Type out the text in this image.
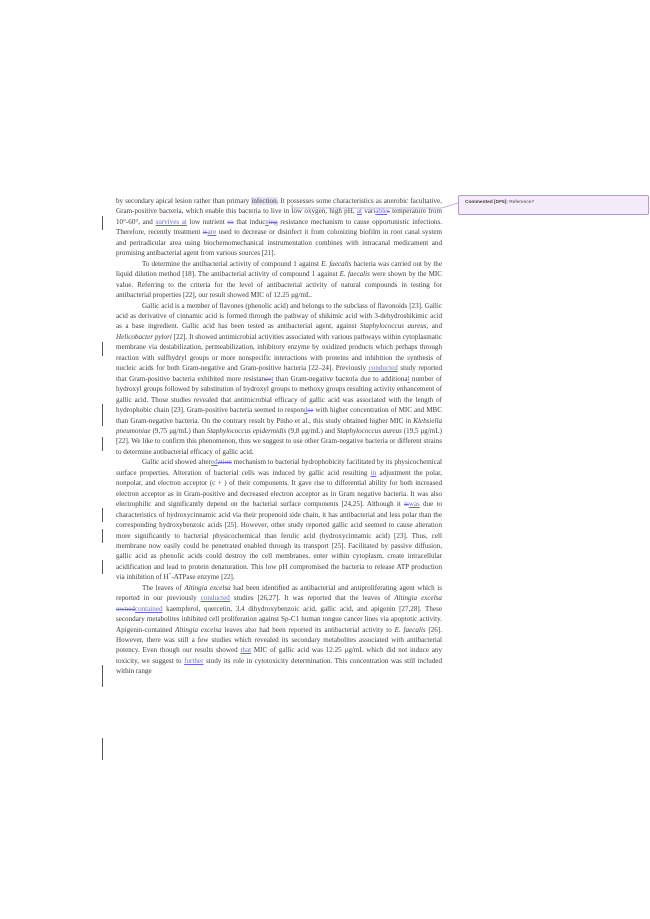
by secondary apical lesion rather than primary infection. It possesses some characteristics as anerobic facultative, Gram-positive bacteria, which enable this bacteria to live in low oxygen, high pH, at variables temperature from 10°-60°, and survives at low nutrient so that induceing resistance mechanism to cause opportunistic infections. Therefore, recently treatment isare used to decrease or disinfect it from colonizing biofilm in root canal system and periradicular area using biochemomechanical instrumentation combines with intracanal medicament and promising antibacterial agent from various sources [21].

To determine the antibacterial activity of compound 1 against E. faecalis bacteria was carried out by the liquid dilution method [18]. The antibacterial activity of compound 1 against E. faecalis were shown by the MIC value. Referring to the criteria for the level of antibacterial activity of natural compounds in testing for antibacterial properties [22], our result showed MIC of 12.25 μg/mL.

Gallic acid is a member of flavones (phenolic acid) and belongs to the subclass of flavonoids [23]. Gallic acid as derivative of cinnamic acid is formed through the pathway of shikimic acid with 3-dehydroshikimic acid as a base ingredient. Gallic acid has been tested as antibacterial agent, against Staphylococcus aureus, and Helicobacter pylori [22]. It showed antimicrobial activities associated with various pathways within cytoplasmatic membrane via destabilization, permeabilization, inhibitory enzyme by oxidized products which perhaps through reaction with sulfhydryl groups or more nonspecific interactions with proteins and inhibition the synthesis of nucleic acids for both Gram-negative and Gram-positive bacteria [22–24]. Previously conducted study reported that Gram-positive bacteria exhibited more resistancet than Gram-negative bacteria due to additional number of hydroxyl groups followed by substitution of hydroxyl groups to methoxy groups resulting activity enhancement of gallic acid. Those studies revealed that antimicrobial efficacy of gallic acid was associated with the length of hydrophobic chain [23]. Gram-positive bacteria seemed to respondse with higher concentration of MIC and MBC than Gram-negative bacteria. On the contrary result by Pinho et al., this study obtained higher MIC in Klebsiella pneumoniae (9,75 μg/mL) than Staphylococcus epidermidis (9,8 μg/mL) and Staphylococcus aureus (19,5 μg/mL) [22]. We like to confirm this phenomenon, thus we suggest to use other Gram-negative bacteria or different strains to determine antibacterial efficacy of gallic acid.

Gallic acid showed alteredation mechanism to bacterial hydrophobicity facilitated by its physicochemical surface properties. Alteration of bacterial cells was induced by gallic acid resulting in adjustment the polar, nonpolar, and electron acceptor (c + ) of their components. It gave rise to differential ability for both increased electron acceptor as in Gram-positive and decreased electron acceptor as in Gram negative bacteria. It was also electrophilic and significantly depend on the bacterial surface components [24,25]. Although it iswas due to characteristics of hydroxycinnamic acid via their propenoid side chain, it has antibacterial and less polar than the corresponding hydroxybenzoic acids [25]. However, other study reported gallic acid seemed to cause alteration more significantly to bacterial physicochemical than ferulic acid (hydroxycinnamic acid) [23]. Thus, cell membrane now easily could be penetrated enabled through its transport [25]. Facilitated by passive diffusion, gallic acid as phenolic acids could destroy the cell membranes, enter within cytoplasm, create intracellular acidification and lead to protein denaturation. This low pH compromised the bacteria to release ATP production via inhibition of H+-ATPase enzyme [22].

The leaves of Altingia excelsa had been identified as antibacterial and antiproliferating agent which is reported in our previously conducted studies [26,27]. It was reported that the leaves of Altingia excelsa ownedcontained kaempferol, quercetin, 3,4 dihydroxybenzoic acid, gallic acid, and apigenin [27,28]. These secondary metabolites inhibited cell proliferation against Sp-C1 human tongue cancer lines via apoptotic activity. Apigenin-contained Altingia excelsa leaves also had been reported its antibacterial activity to E. faecalis [26]. However, there was still a few studies which revealed its secondary metabolites associated with antibacterial potency. Even though our results showed that MIC of gallic acid was 12.25 μg/mL which did not induce any toxicity, we suggest to further study its role in cytotoxicity determination. This concentration was still included within range

Commented [DF5]: Reference?
